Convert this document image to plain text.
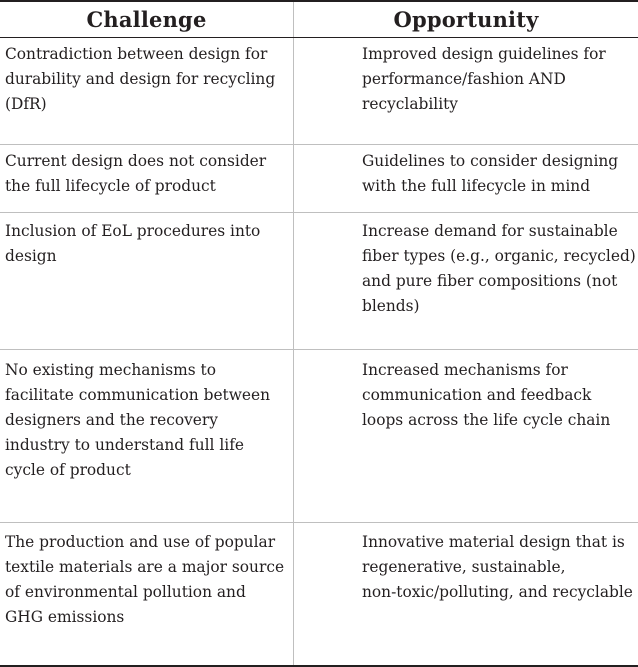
Challenge	Opportunity
Contradiction between design for
durability and design for recycling
(DfR)
Improved design guidelines for
performance/fashion AND
recyclability
Guidelines to consider designing
with the full lifecycle in mind
Current design does not consider
the full lifecycle of product
Inclusion of EoL procedures into
design
Increase demand for sustainable
fiber types (e.g., organic, recycled)
and pure fiber compositions (not
blends)
No existing mechanisms to
facilitate communication between
designers and the recovery
industry to understand full life
cycle of product
Increased mechanisms for
communication and feedback
loops across the life cycle chain
The production and use of popular
textile materials are a major source
of environmental pollution and
GHG emissions
Innovative material design that is
regenerative, sustainable,
non-toxic/polluting, and recyclable
